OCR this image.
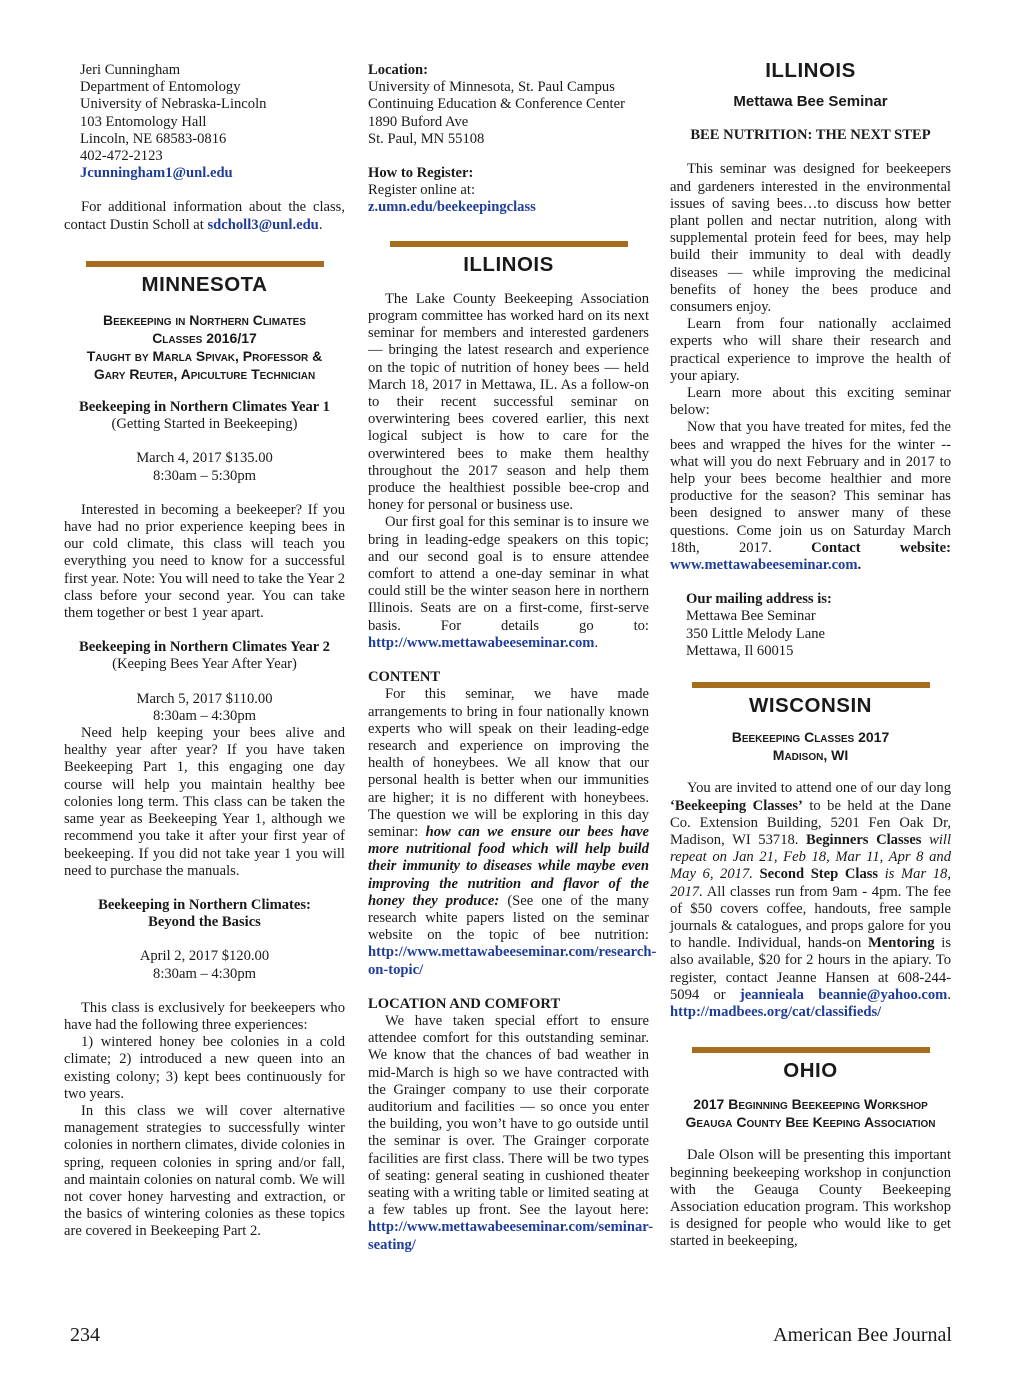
Jeri Cunningham

Department of Entomology

University of Nebraska-Lincoln

103 Entomology Hall

Lincoln, NE 68583-0816

402-472-2123

Jcunningham1@unl.edu

For additional information about the class, contact Dustin Scholl at sdcholl3@unl.edu.

MINNESOTA
Beekeeping in Northern Climates
Classes 2016/17
Taught by Marla Spivak, Professor &
Gary Reuter, Apiculture Technician

Beekeeping in Northern Climates Year 1

(Getting Started in Beekeeping)

March 4, 2017 $135.00

8:30am – 5:30pm

Interested in becoming a beekeeper? If you have had no prior experience keeping bees in our cold climate, this class will teach you everything you need to know for a successful first year. Note: You will need to take the Year 2 class before your second year. You can take them together or best 1 year apart.

Beekeeping in Northern Climates Year 2

(Keeping Bees Year After Year)

March 5, 2017 $110.00

8:30am – 4:30pm

Need help keeping your bees alive and healthy year after year? If you have taken Beekeeping Part 1, this engaging one day course will help you maintain healthy bee colonies long term. This class can be taken the same year as Beekeeping Year 1, although we recommend you take it after your first year of beekeeping. If you did not take year 1 you will need to purchase the manuals.

Beekeeping in Northern Climates:

Beyond the Basics

April 2, 2017 $120.00

8:30am – 4:30pm

This class is exclusively for beekeepers who have had the following three experiences:

1) wintered honey bee colonies in a cold climate; 2) introduced a new queen into an existing colony; 3) kept bees continuously for two years.

In this class we will cover alternative management strategies to successfully winter colonies in northern climates, divide colonies in spring, requeen colonies in spring and/or fall, and maintain colonies on natural comb. We will not cover honey harvesting and extraction, or the basics of wintering colonies as these topics are covered in Beekeeping Part 2.

Location:

University of Minnesota, St. Paul Campus

Continuing Education & Conference Center

1890 Buford Ave

St. Paul, MN 55108

How to Register:

Register online at:

z.umn.edu/beekeepingclass

ILLINOIS

The Lake County Beekeeping Association program committee has worked hard on its next seminar for members and interested gardeners — bringing the latest research and experience on the topic of nutrition of honey bees — held March 18, 2017 in Mettawa, IL. As a follow-on to their recent successful seminar on overwintering bees covered earlier, this next logical subject is how to care for the overwintered bees to make them healthy throughout the 2017 season and help them produce the healthiest possible bee-crop and honey for personal or business use.

Our first goal for this seminar is to insure we bring in leading-edge speakers on this topic; and our second goal is to ensure attendee comfort to attend a one-day seminar in what could still be the winter season here in northern Illinois. Seats are on a first-come, first-serve basis. For details go to: http://www.mettawabeeseminar.com.

CONTENT

For this seminar, we have made arrangements to bring in four nationally known experts who will speak on their leading-edge research and experience on improving the health of honeybees. We all know that our personal health is better when our immunities are higher; it is no different with honeybees. The question we will be exploring in this day seminar: how can we ensure our bees have more nutritional food which will help build their immunity to diseases while maybe even improving the nutrition and flavor of the honey they produce: (See one of the many research white papers listed on the seminar website on the topic of bee nutrition: http://www.mettawabeeseminar.com/research-on-topic/

LOCATION AND COMFORT

We have taken special effort to ensure attendee comfort for this outstanding seminar. We know that the chances of bad weather in mid-March is high so we have contracted with the Grainger company to use their corporate auditorium and facilities — so once you enter the building, you won’t have to go outside until the seminar is over. The Grainger corporate facilities are first class. There will be two types of seating: general seating in cushioned theater seating with a writing table or limited seating at a few tables up front. See the layout here: http://www.mettawabeeseminar.com/seminar-seating/

ILLINOIS
Mettawa Bee Seminar

BEE NUTRITION: THE NEXT STEP

This seminar was designed for beekeepers and gardeners interested in the environmental issues of saving bees…to discuss how better plant pollen and nectar nutrition, along with supplemental protein feed for bees, may help build their immunity to deal with deadly diseases — while improving the medicinal benefits of honey the bees produce and consumers enjoy.

Learn from four nationally acclaimed experts who will share their research and practical experience to improve the health of your apiary.

Learn more about this exciting seminar below:

Now that you have treated for mites, fed the bees and wrapped the hives for the winter -- what will you do next February and in 2017 to help your bees become healthier and more productive for the season? This seminar has been designed to answer many of these questions. Come join us on Saturday March 18th, 2017. Contact website: www.mettawabeeseminar.com.

Our mailing address is:

Mettawa Bee Seminar

350 Little Melody Lane

Mettawa, Il 60015

WISCONSIN
Beekeeping Classes 2017
Madison, WI

You are invited to attend one of our day long ‘Beekeeping Classes’ to be held at the Dane Co. Extension Building, 5201 Fen Oak Dr, Madison, WI 53718. Beginners Classes will repeat on Jan 21, Feb 18, Mar 11, Apr 8 and May 6, 2017. Second Step Class is Mar 18, 2017. All classes run from 9am - 4pm. The fee of $50 covers coffee, handouts, free sample journals & catalogues, and props galore for you to handle. Individual, hands-on Mentoring is also available, $20 for 2 hours in the apiary. To register, contact Jeanne Hansen at 608-244-5094 or jeannieala beannie@yahoo.com. http://madbees.org/cat/classifieds/

OHIO
2017 Beginning Beekeeping Workshop
Geauga County Bee Keeping Association

Dale Olson will be presenting this important beginning beekeeping workshop in conjunction with the Geauga County Beekeeping Association education program. This workshop is designed for people who would like to get started in beekeeping,

234	American Bee Journal
